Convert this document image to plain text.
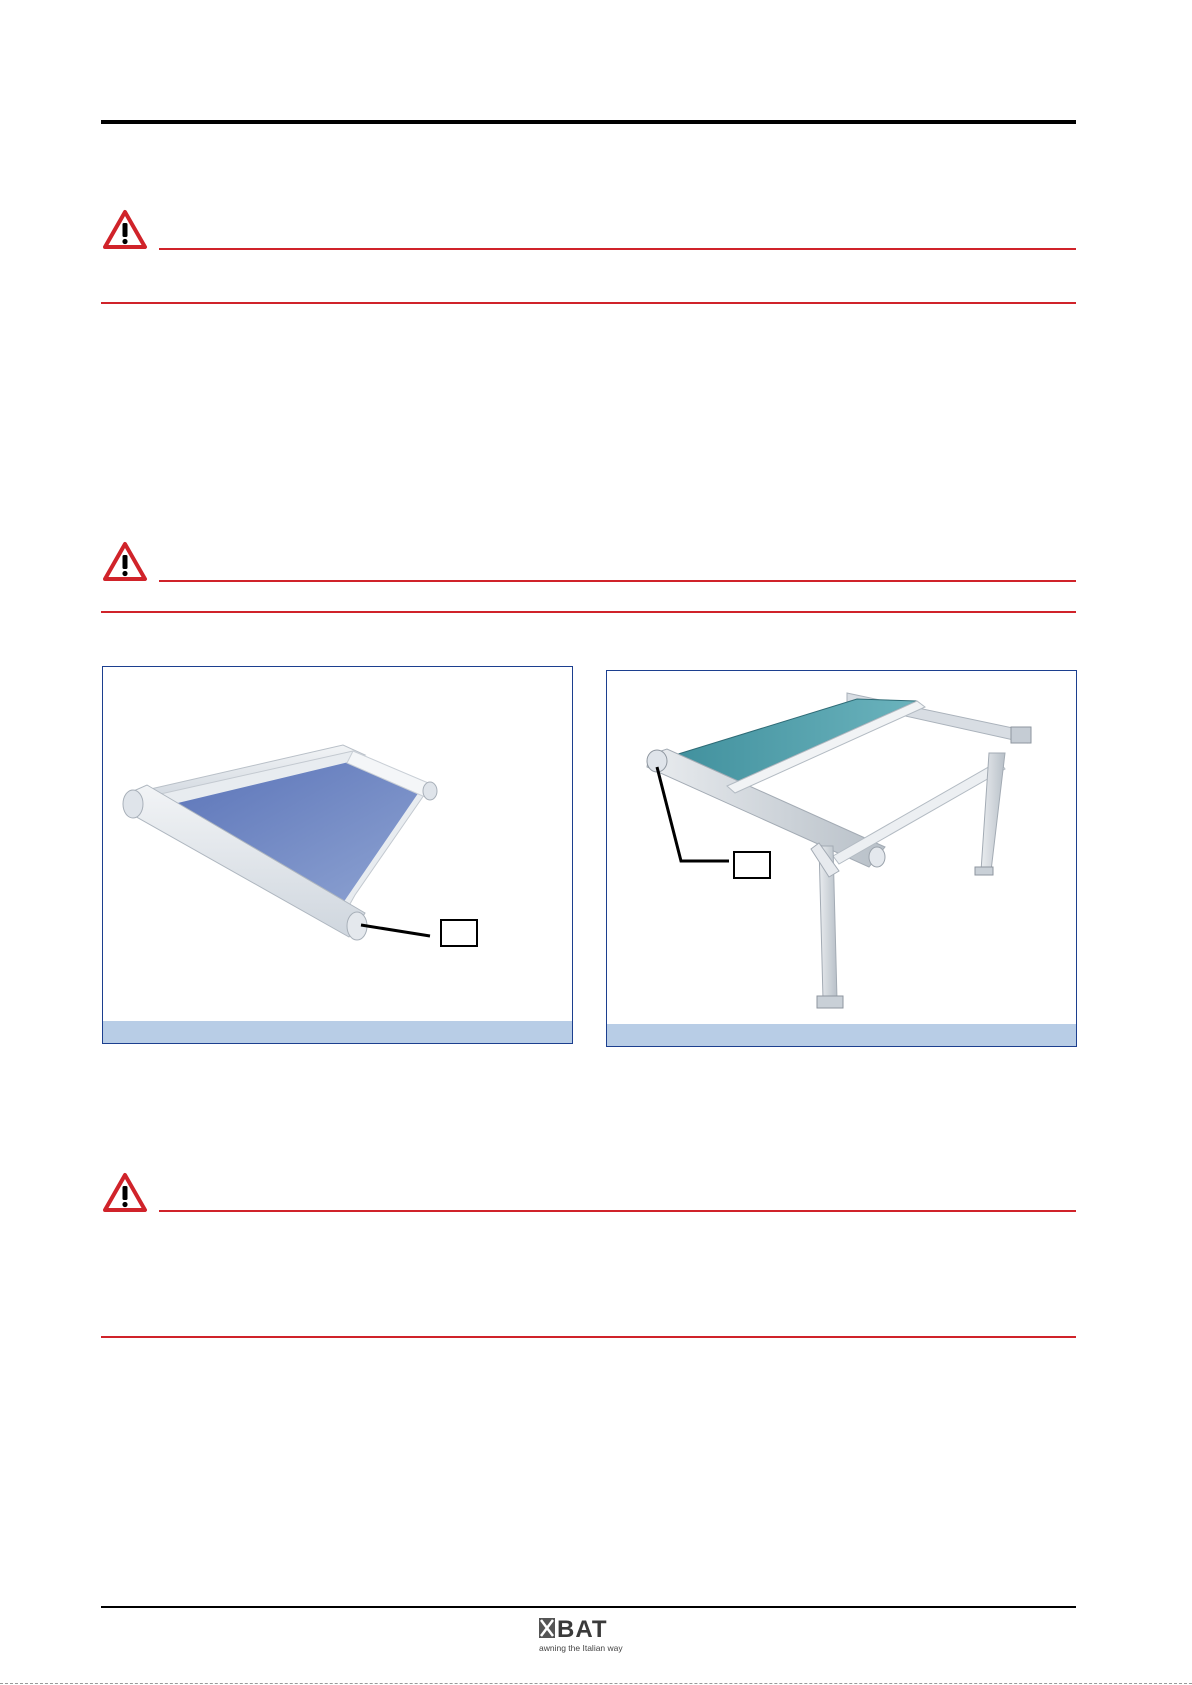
BAT
awning the Italian way
